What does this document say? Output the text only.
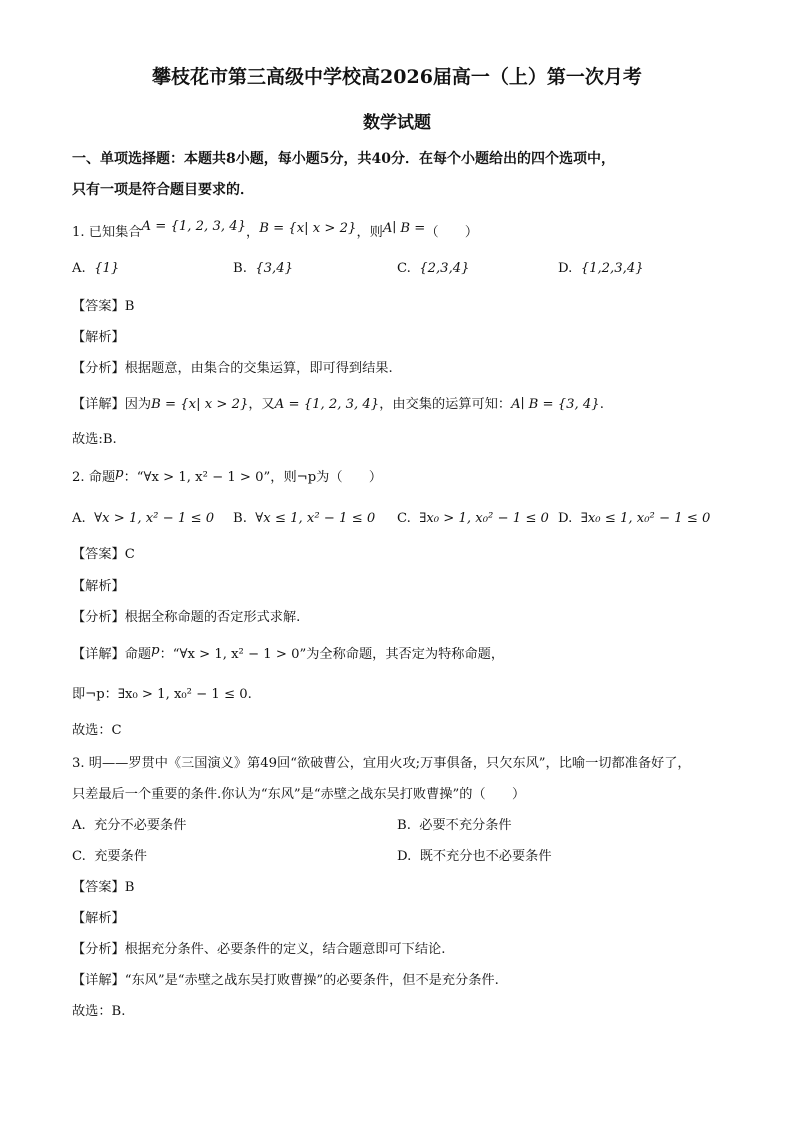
攀枝花市第三高级中学校高2026届高一（上）第一次月考
数学试题
一、单项选择题：本题共8小题，每小题5分，共40分．在每个小题给出的四个选项中，
只有一项是符合题目要求的．
1. 已知集合A = {1, 2, 3, 4}，B = {x| x > 2}，则A∣ B =（　　）
A. {1}	B. {3,4}	C. {2,3,4}	D. {1,2,3,4}
【答案】B
【解析】
【分析】根据题意，由集合的交集运算，即可得到结果.
【详解】因为B = {x| x > 2}，又A = {1, 2, 3, 4}，由交集的运算可知：A∣ B = {3, 4}.
故选:B.
2. 命题p：“∀x > 1, x² − 1 > 0”，则¬p为（　　）
A. ∀x > 1, x² − 1 ≤ 0 B. ∀x ≤ 1, x² − 1 ≤ 0 C. ∃x₀ > 1, x₀² − 1 ≤ 0 D. ∃x₀ ≤ 1, x₀² − 1 ≤ 0
【答案】C
【解析】
【分析】根据全称命题的否定形式求解.
【详解】命题p：“∀x > 1, x² − 1 > 0”为全称命题，其否定为特称命题，
即¬p：∃x₀ > 1, x₀² − 1 ≤ 0.
故选：C
3. 明——罗贯中《三国演义》第49回“欲破曹公，宜用火攻;万事俱备，只欠东风”，比喻一切都准备好了，
只差最后一个重要的条件.你认为“东风”是“赤壁之战东吴打败曹操”的（　　）
A. 充分不必要条件	B. 必要不充分条件
C. 充要条件	D. 既不充分也不必要条件
【答案】B
【解析】
【分析】根据充分条件、必要条件的定义，结合题意即可下结论.
【详解】“东风”是“赤壁之战东吴打败曹操”的必要条件，但不是充分条件.
故选：B.
